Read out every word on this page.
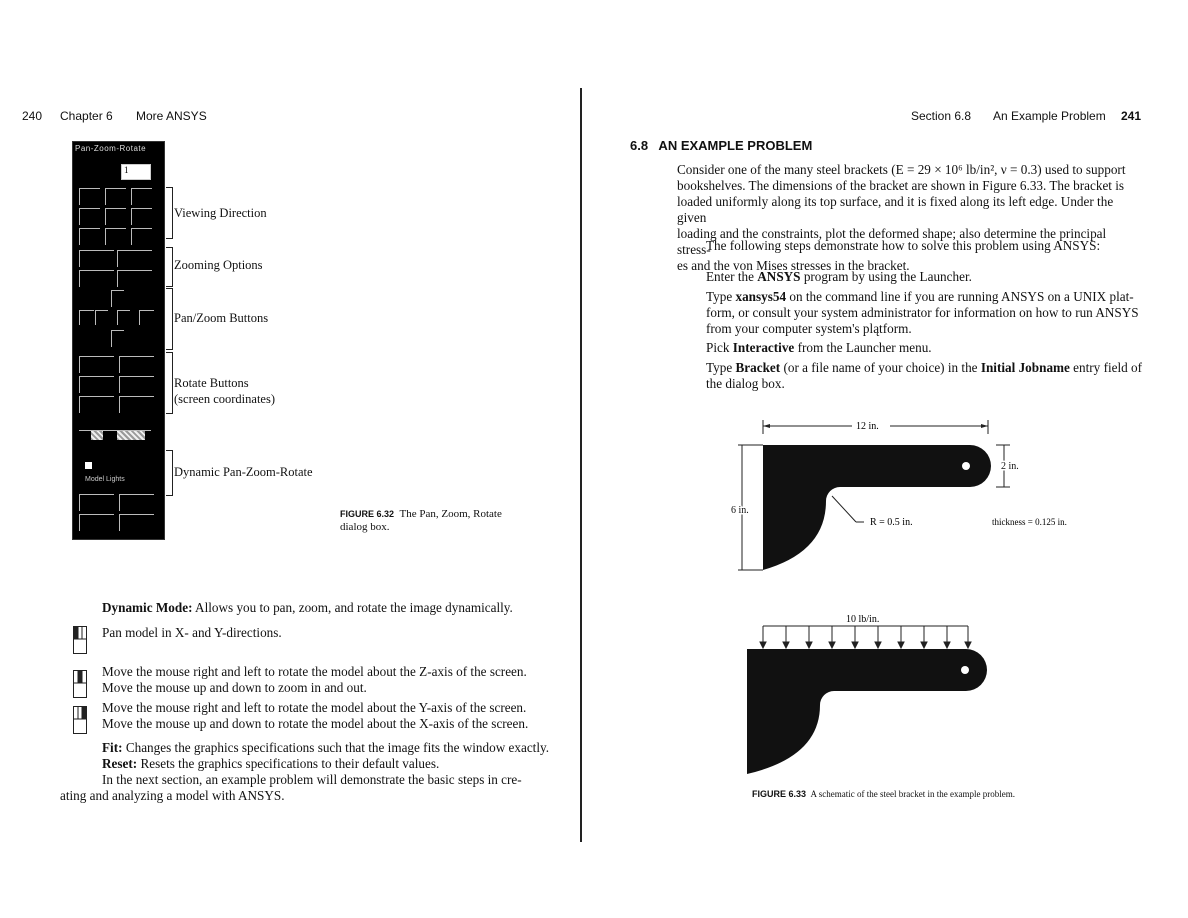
240 Chapter 6 More ANSYS
Pan-Zoom-Rotate
1
Model Lights
Viewing Direction
Zooming Options
Pan/Zoom Buttons
Rotate Buttons
(screen coordinates)
Dynamic Pan-Zoom-Rotate
FIGURE 6.32 The Pan, Zoom, Rotate
dialog box.
Dynamic Mode: Allows you to pan, zoom, and rotate the image dynamically.
Pan model in X- and Y-directions.
Move the mouse right and left to rotate the model about the Z-axis of the screen.
Move the mouse up and down to zoom in and out.
Move the mouse right and left to rotate the model about the Y-axis of the screen.
Move the mouse up and down to rotate the model about the X-axis of the screen.
Fit: Changes the graphics specifications such that the image fits the window exactly.
Reset: Resets the graphics specifications to their default values.
In the next section, an example problem will demonstrate the basic steps in cre-
ating and analyzing a model with ANSYS.
Section 6.8 An Example Problem 241
6.8   AN EXAMPLE PROBLEM
Consider one of the many steel brackets (E = 29 × 10⁶ lb/in², ν = 0.3) used to support
bookshelves. The dimensions of the bracket are shown in Figure 6.33. The bracket is
loaded uniformly along its top surface, and it is fixed along its left edge. Under the given
loading and the constraints, plot the deformed shape; also determine the principal stress-
es and the von Mises stresses in the bracket.
The following steps demonstrate how to solve this problem using ANSYS:
Enter the ANSYS program by using the Launcher.
Type xansys54 on the command line if you are running ANSYS on a UNIX plat-
form, or consult your system administrator for information on how to run ANSYS
from your computer system's plątform.
Pick Interactive from the Launcher menu.
Type Bracket (or a file name of your choice) in the Initial Jobname entry field of
the dialog box.
12 in.
6 in.
2 in.
R = 0.5 in.	thickness = 0.125 in.
10 lb/in.
FIGURE 6.33 A schematic of the steel bracket in the example problem.
